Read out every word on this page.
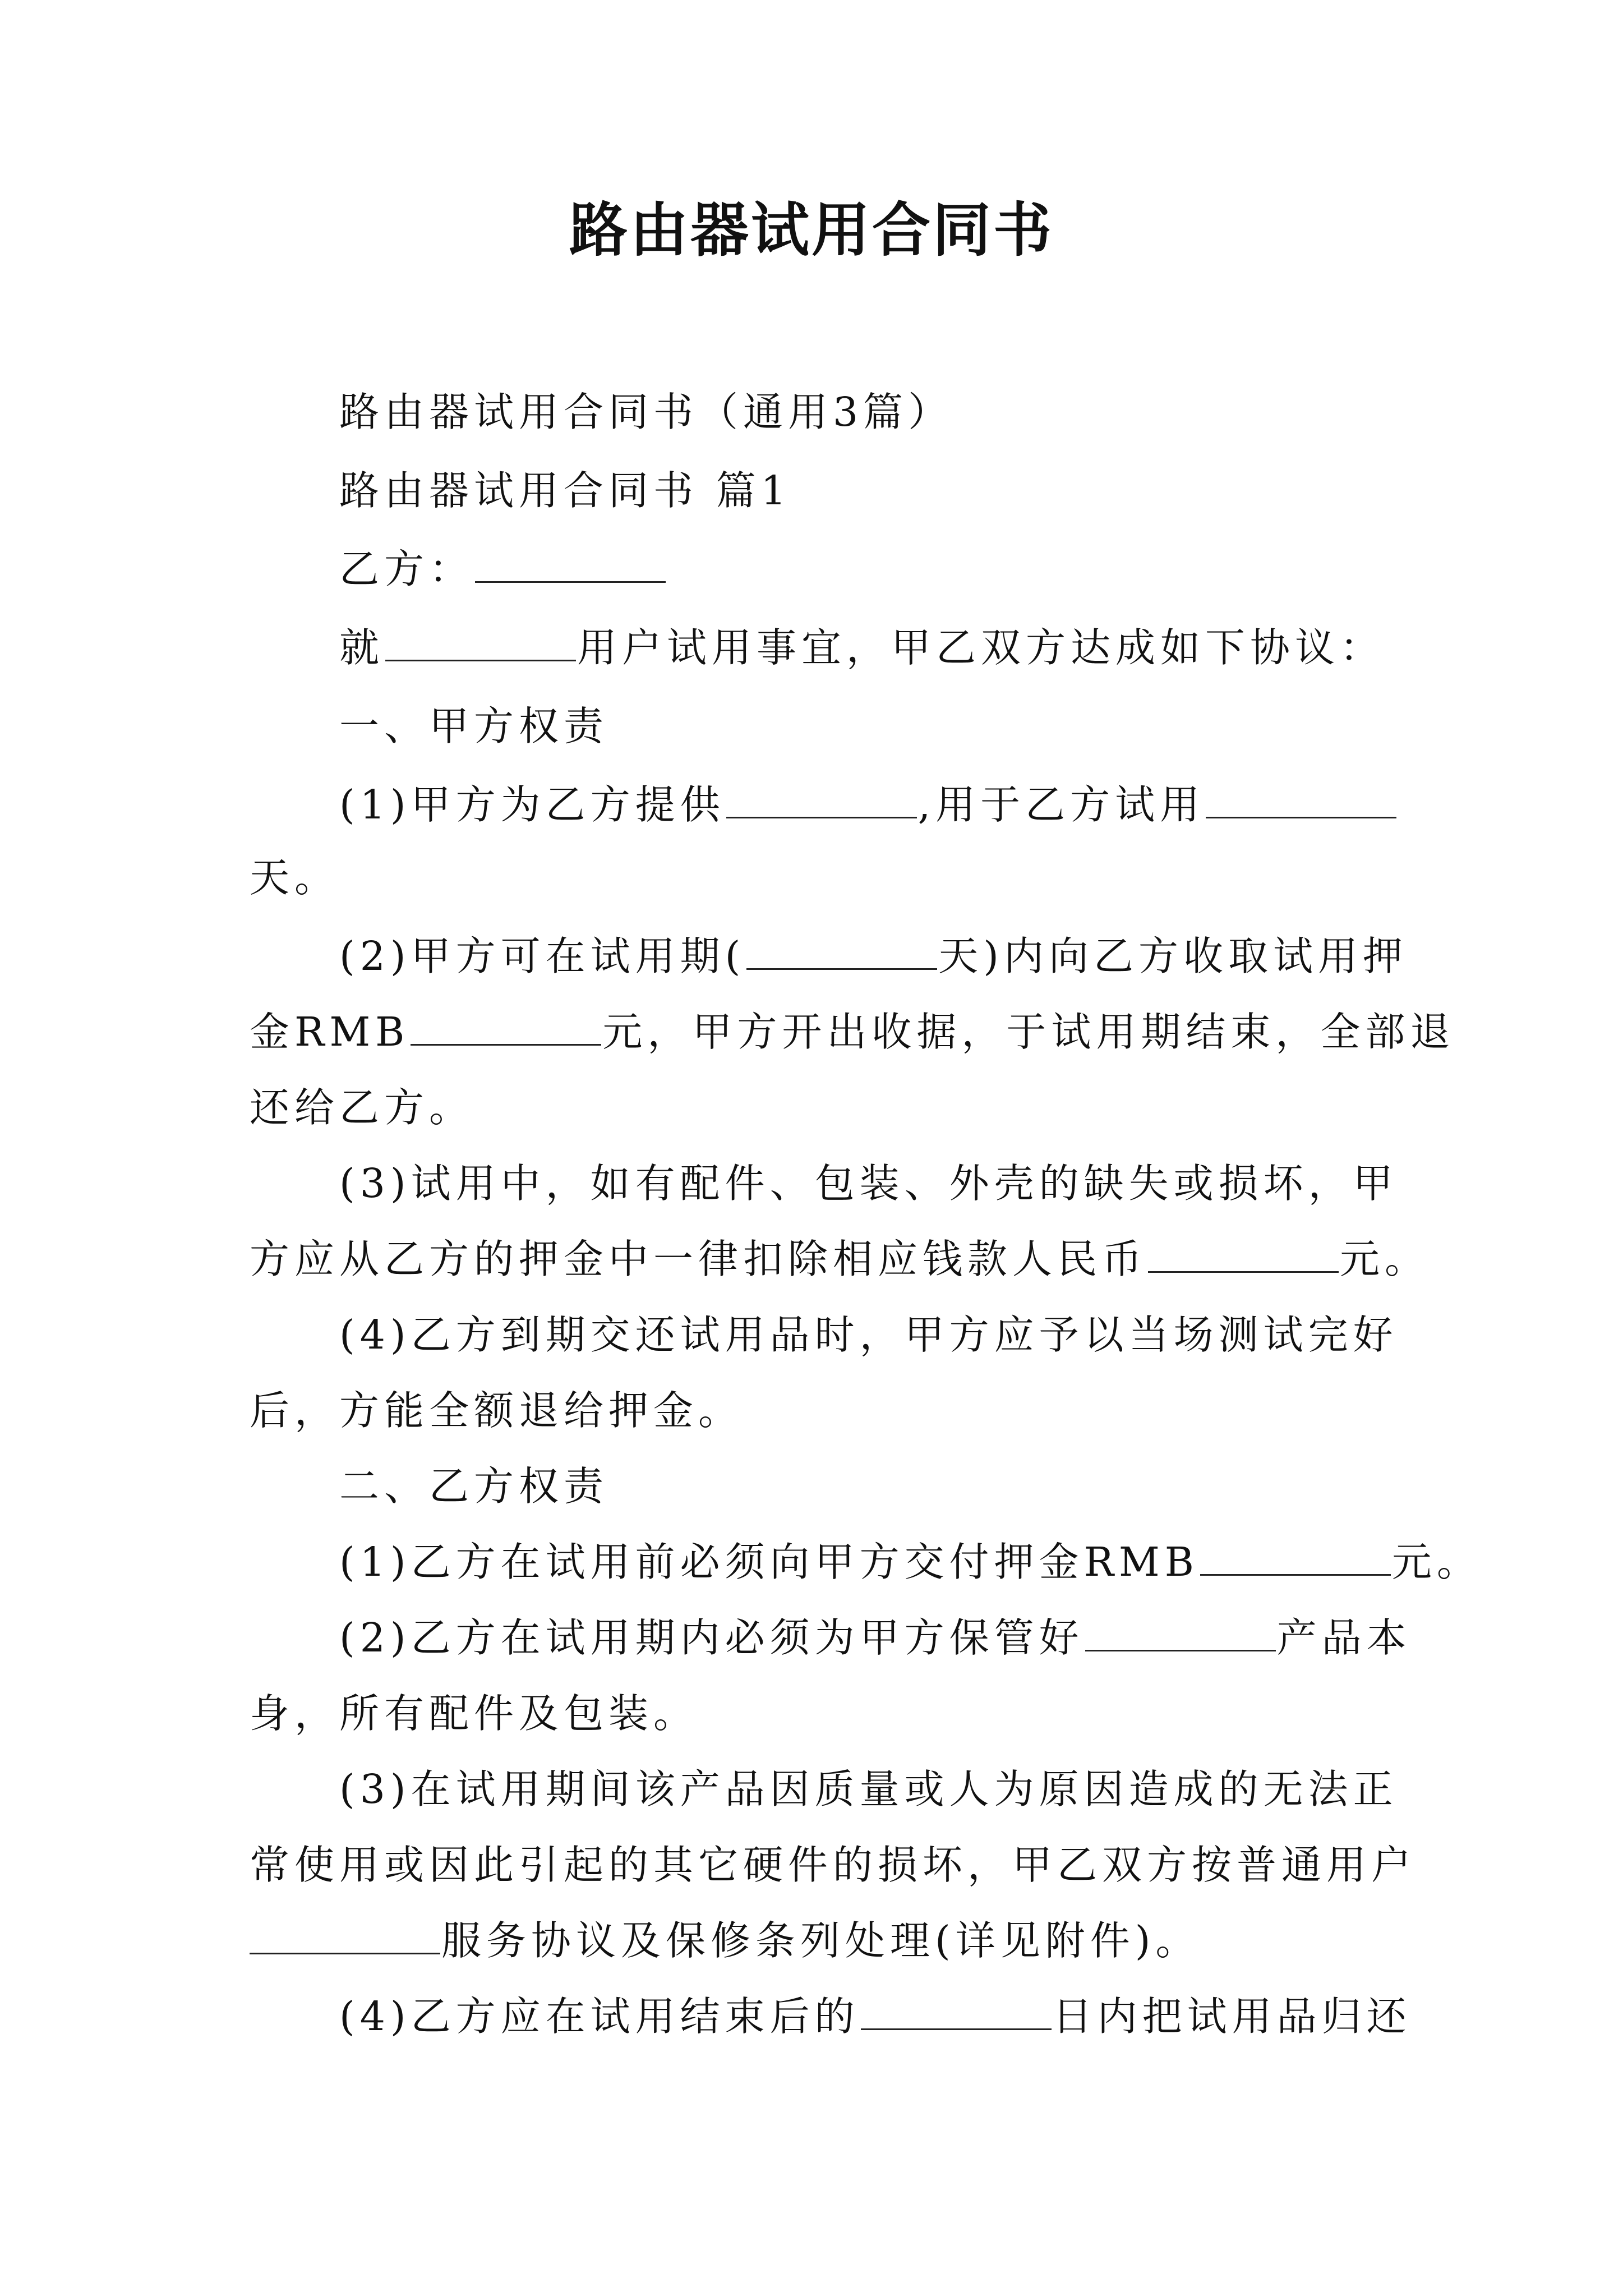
路由器试用合同书
路由器试用合同书（通用3篇）
路由器试用合同书 篇1
乙方：
就	用户试用事宜，甲乙双方达成如下协议：
一、甲方权责
(1)甲方为乙方提供	,用于乙方试用
天。
(2)甲方可在试用期(	天)内向乙方收取试用押
金RMB	元，甲方开出收据，于试用期结束，全部退
还给乙方。
(3)试用中，如有配件、包装、外壳的缺失或损坏，甲
方应从乙方的押金中一律扣除相应钱款人民币	元。
(4)乙方到期交还试用品时，甲方应予以当场测试完好
后，方能全额退给押金。
二、乙方权责
(1)乙方在试用前必须向甲方交付押金RMB	元。
(2)乙方在试用期内必须为甲方保管好	产品本
身，所有配件及包装。
(3)在试用期间该产品因质量或人为原因造成的无法正
常使用或因此引起的其它硬件的损坏，甲乙双方按普通用户
服务协议及保修条列处理(详见附件)。
(4)乙方应在试用结束后的	日内把试用品归还
